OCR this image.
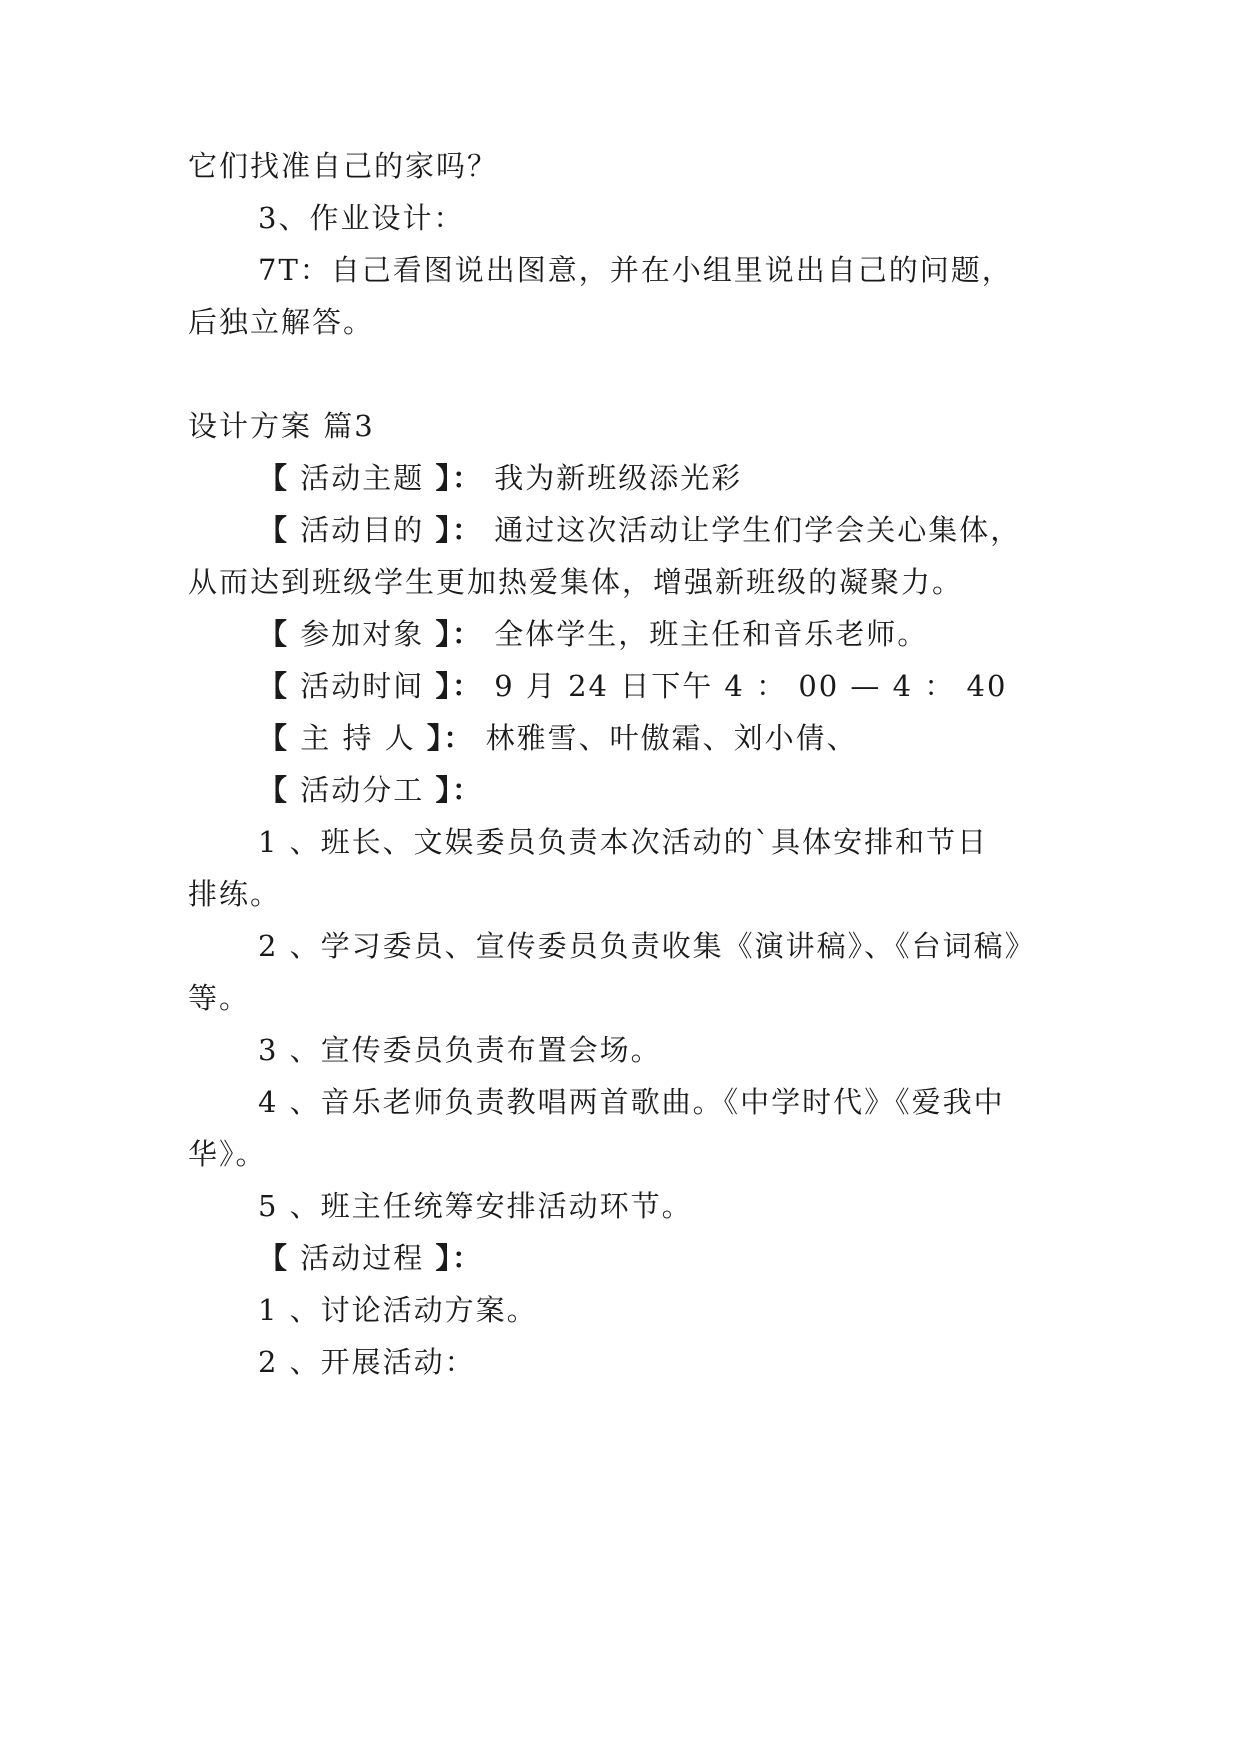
它们找准自己的家吗？
3、作业设计：
7T：自己看图说出图意，并在小组里说出自己的问题，
后独立解答。
设计方案 篇3
【 活动主题 】： 我为新班级添光彩
【 活动目的 】： 通过这次活动让学生们学会关心集体，
从而达到班级学生更加热爱集体，增强新班级的凝聚力。
【 参加对象 】： 全体学生，班主任和音乐老师。
【 活动时间 】： 9 月 24 日下午 4 ： 00 — 4 ： 40
【 主 持 人 】： 林雅雪、叶傲霜、刘小倩、
【 活动分工 】：
1 、班长、文娱委员负责本次活动的`具体安排和节日
排练。
2 、学习委员、宣传委员负责收集《演讲稿》、《台词稿》
等。
3 、宣传委员负责布置会场。
4 、音乐老师负责教唱两首歌曲。《中学时代》《爱我中
华》。
5 、班主任统筹安排活动环节。
【 活动过程 】：
1 、讨论活动方案。
2 、开展活动：
